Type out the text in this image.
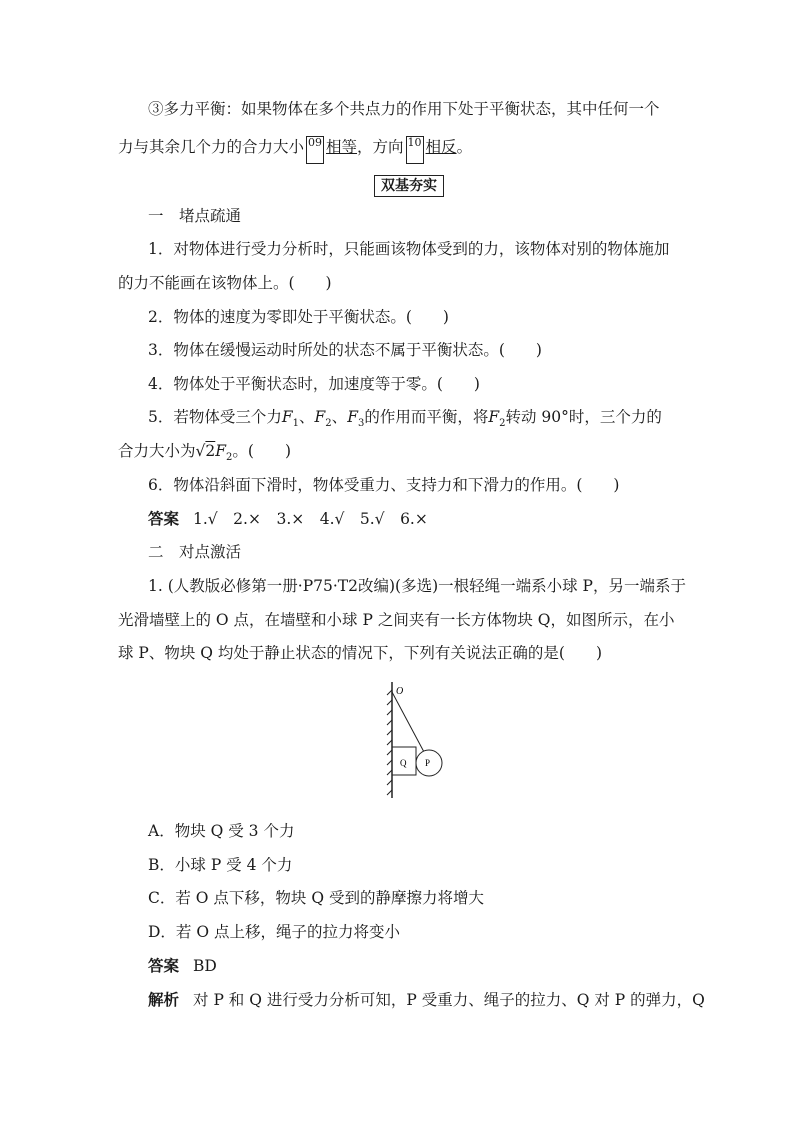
③多力平衡：如果物体在多个共点力的作用下处于平衡状态，其中任何一个
力与其余几个力的合力大小 09 相等，方向 10 相反。
双基夯实
一　堵点疏通
1．对物体进行受力分析时，只能画该物体受到的力，该物体对别的物体施加
的力不能画在该物体上。(　　)
2．物体的速度为零即处于平衡状态。(　　)
3．物体在缓慢运动时所处的状态不属于平衡状态。(　　)
4．物体处于平衡状态时，加速度等于零。(　　)
5．若物体受三个力$F_1$、$F_2$、$F_3$的作用而平衡，将$F_2$转动 90°时，三个力的
合力大小为$√2F_2$。(　　)
6．物体沿斜面下滑时，物体受重力、支持力和下滑力的作用。(　　)
答案 1.√　2.×　3.×　4.√　5.√　6.×
二　对点激活
1. (人教版必修第一册·P75·T2改编)(多选)一根轻绳一端系小球 P，另一端系于
光滑墙壁上的 O 点，在墙壁和小球 P 之间夹有一长方体物块 Q，如图所示，在小
球 P、物块 Q 均处于静止状态的情况下，下列有关说法正确的是(　　)
O
Q P
A．物块 Q 受 3 个力
B．小球 P 受 4 个力
C．若 O 点下移，物块 Q 受到的静摩擦力将增大
D．若 O 点上移，绳子的拉力将变小
答案 BD
解析 对 P 和 Q 进行受力分析可知，P 受重力、绳子的拉力、Q 对 P 的弹力，Q
